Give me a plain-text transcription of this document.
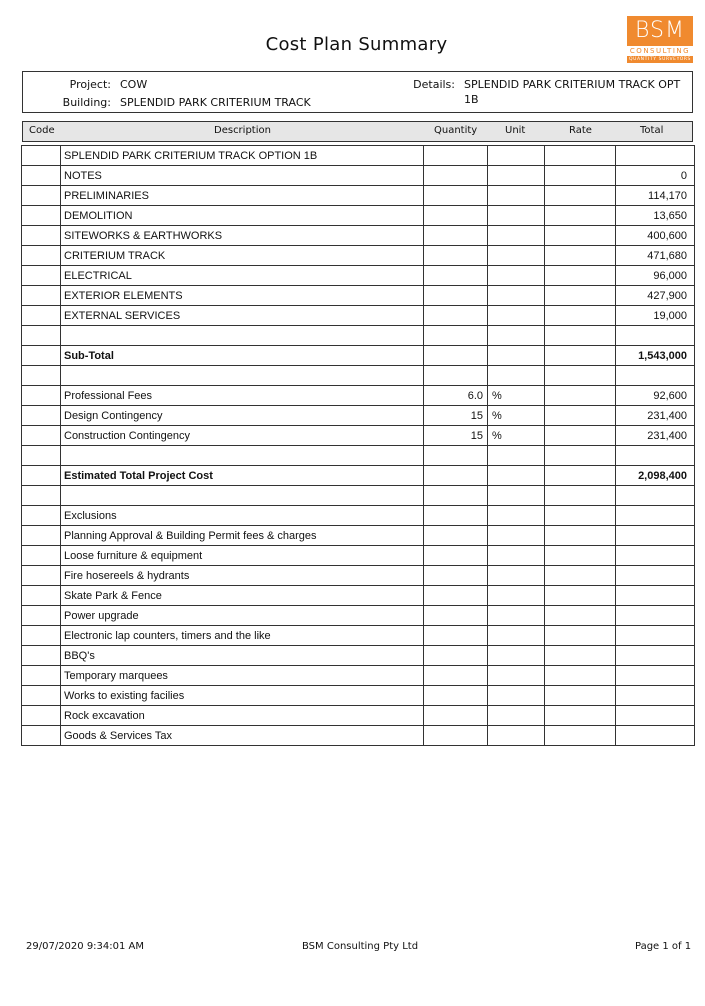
Cost Plan Summary
BSM
CONSULTING
QUANTITY SURVEYORS
Project: COW
Building: SPLENDID PARK CRITERIUM TRACK
Details: SPLENDID PARK CRITERIUM TRACK OPT
1B
Code	Description	Quantity	Unit	Rate	Total
	SPLENDID PARK CRITERIUM TRACK OPTION 1B				
	NOTES				0
	PRELIMINARIES				114,170
	DEMOLITION				13,650
	SITEWORKS & EARTHWORKS				400,600
	CRITERIUM TRACK				471,680
	ELECTRICAL				96,000
	EXTERIOR ELEMENTS				427,900
	EXTERNAL SERVICES				19,000

	Sub-Total				1,543,000

	Professional Fees	6.0	%		92,600
	Design Contingency	15	%		231,400
	Construction Contingency	15	%		231,400

	Estimated Total Project Cost				2,098,400

	Exclusions				
	Planning Approval & Building Permit fees & charges				
	Loose furniture & equipment				
	Fire hosereels & hydrants				
	Skate Park & Fence				
	Power upgrade				
	Electronic lap counters, timers and the like				
	BBQ's				
	Temporary marquees				
	Works to existing facilies				
	Rock excavation				
	Goods & Services Tax				
29/07/2020 9:34:01 AM	BSM Consulting Pty Ltd	Page 1 of 1
